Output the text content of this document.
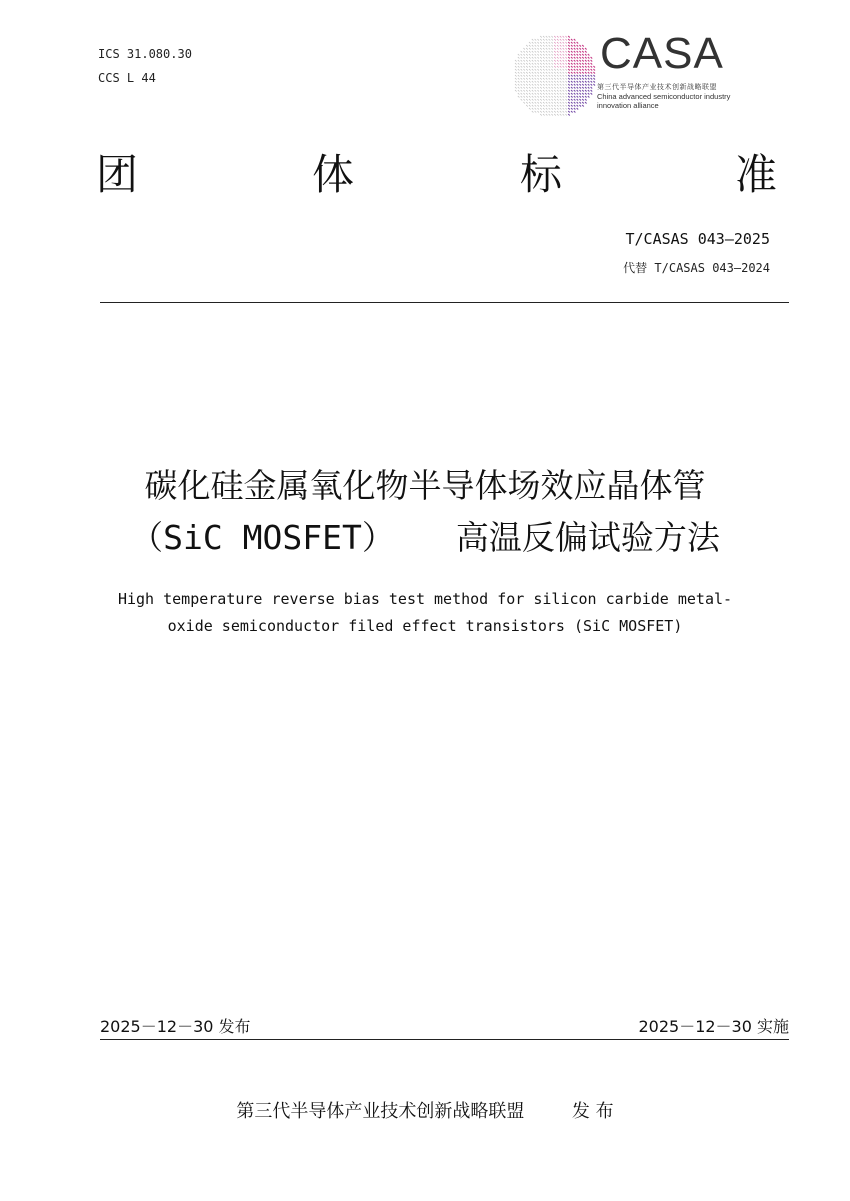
ICS 31.080.30
CCS L 44	CASA
第三代半导体产业技术创新战略联盟
China advanced semiconductor industry
innovation alliance
团	体	标	准
T/CASAS 043—2025
代替 T/CASAS 043—2024
碳化硅金属氧化物半导体场效应晶体管
（SiC MOSFET） 高温反偏试验方法
High temperature reverse bias test method for silicon carbide metal-
oxide semiconductor filed effect transistors (SiC MOSFET)
2025－12－30 发布	2025－12－30 实施
第三代半导体产业技术创新战略联盟	发 布
